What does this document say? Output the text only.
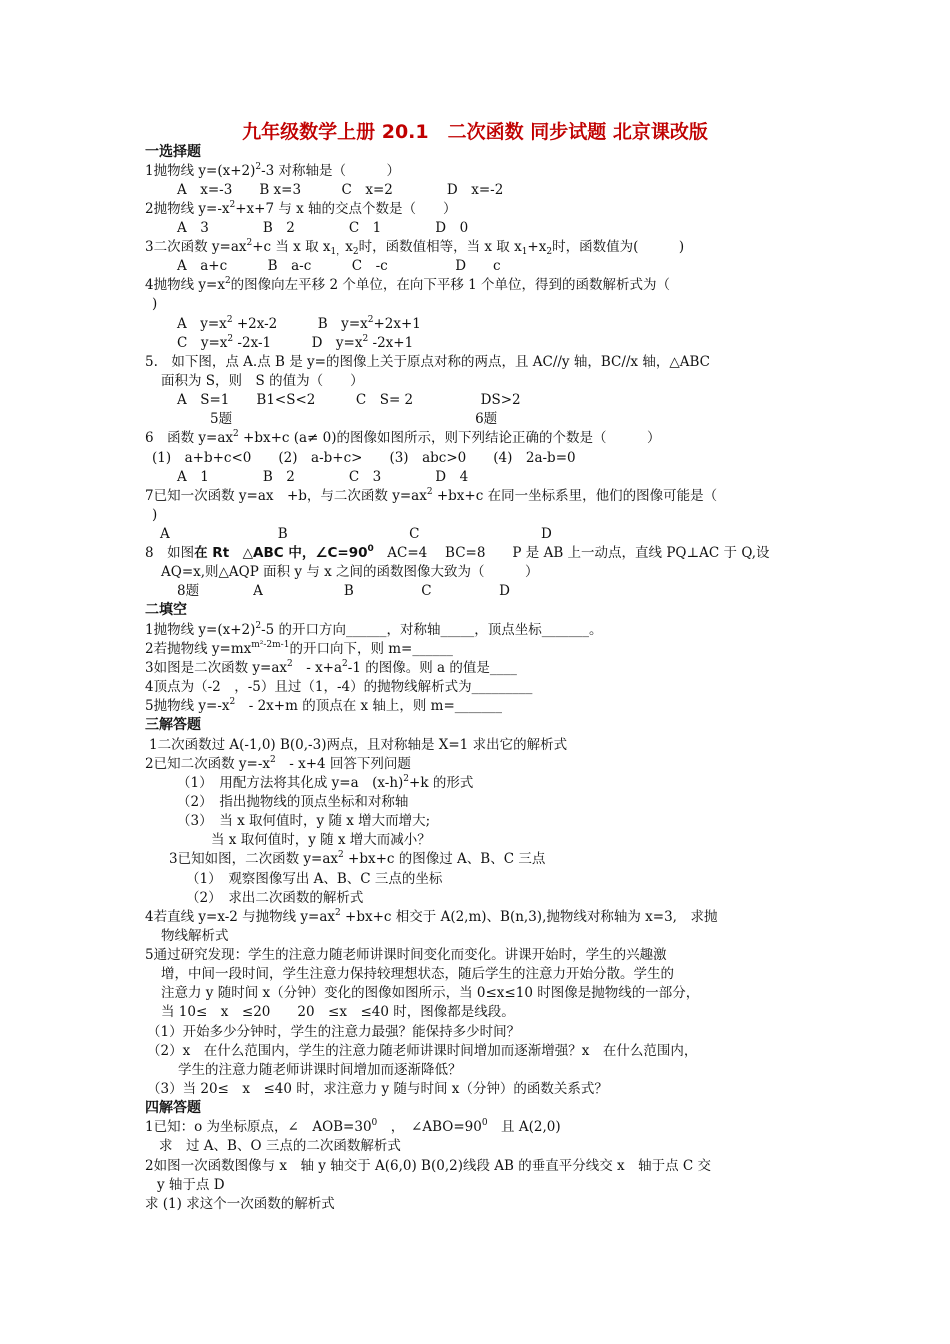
九年级数学上册 20.1　二次函数 同步试题 北京课改版
一选择题
1抛物线 $y=(x+2)^2-3$ 对称轴是（　　　）
A　x=-3　　B x=3　　　C　x=2　　　　D　x=-2
2抛物线 $y=-x^2+x+7$ 与 x 轴的交点个数是（　　）
A　3　　　　B　2　　　　C　1　　　　D　0
3二次函数 $y=ax^2+c$ 当 x 取 $x_{1,}x_2$时，函数值相等，当 x 取 $x_1+x_2$时，函数值为(　　　)
A　a+c　　　B　a-c　　　C　-c　　　　　D　　c
4抛物线 $y=x^2$的图像向左平移 2 个单位，在向下平移 1 个单位，得到的函数解析式为（
)
A　$y=x^2 +2x-2$　　　B　$y=x^2+2x+1$
C　$y=x^2$ -2x-1　　　D　$y=x^2$ -2x+1
5.　如下图，点 A.点 B 是 y=的图像上关于原点对称的两点，且 AC//y 轴，BC//x 轴，△ABC
面积为 S，则　S 的值为（　　）
A　S=1　　B1<S<2　　　C　S= 2　　　　　DS>2
5题　　　　　　　　　　　　　　　　　　6题
6　函数 $y=ax^2 +bx+c$ (a≠ 0)的图像如图所示，则下列结论正确的个数是（　　　）
(1)　a+b+c<0　　(2)　a-b+c>　　(3)　abc>0　　(4)　2a-b=0
A　1　　　　B　2　　　　C　3　　　　D　4
7已知一次函数 y=ax　+b，与二次函数 $y=ax^2 +bx+c$ 在同一坐标系里，他们的图像可能是（
)
A　　　　　　　　B　　　　　　　　　C　　　　　　　　　D
8　如图在 Rt　△ABC 中，$\angle C=90^0$　AC=4　 BC=8　　P 是 AB 上一动点，直线 PQ⊥AC 于 Q,设
AQ=x,则△AQP 面积 y 与 x 之间的函数图像大致为（　　　）
8题　　　　A　　　　　　B　　　　　C　　　　　D
二填空
1抛物线 $y=(x+2)^2-5$ 的开口方向______，对称轴_____，顶点坐标_______。
2若抛物线 $y=mx^{m^2-2m-1}$的开口向下，则 m=______
3如图是二次函数 $y=ax^2$　- $x+a^2-1$ 的图像。则 a 的值是____
4顶点为（-2　，-5）且过（1，-4）的抛物线解析式为_________
5抛物线 $y=-x^2$　- 2x+m 的顶点在 x 轴上，则 m=_______
三解答题
1二次函数过 A(-1,0) B(0,-3)两点，且对称轴是 X=1 求出它的解析式
2已知二次函数 $y=-x^2$　- x+4 回答下列问题
（1）　用配方法将其化成 y=a　$(x-h)^2+k$ 的形式
（2）　指出抛物线的顶点坐标和对称轴
（3）　当 x 取何值时，y 随 x 增大而增大;
当 x 取何值时，y 随 x 增大而减小？
3已知如图，二次函数 $y=ax^2 +bx+c$ 的图像过 A、B、C 三点
（1）　观察图像写出 A、B、C 三点的坐标
（2）　求出二次函数的解析式
4若直线 y=x-2 与抛物线 $y=ax^2 +bx+c$ 相交于 A(2,m)、B(n,3),抛物线对称轴为 x=3,　求抛
物线解析式
5通过研究发现：学生的注意力随老师讲课时间变化而变化。讲课开始时，学生的兴趣激
增，中间一段时间，学生注意力保持较理想状态，随后学生的注意力开始分散。学生的
注意力 y 随时间 x（分钟）变化的图像如图所示，当 0≤x≤10 时图像是抛物线的一部分，
当 10≤　x　≤20　　20　≤x　≤40 时，图像都是线段。
（1）开始多少分钟时，学生的注意力最强？能保持多少时间？
（2）x　在什么范围内，学生的注意力随老师讲课时间增加而逐渐增强？x　在什么范围内，
学生的注意力随老师讲课时间增加而逐渐降低？
（3）当 20≤　x　≤40 时，求注意力 y 随与时间 x（分钟）的函数关系式？
四解答题
1已知：o 为坐标原点，∠　$AOB=30^0$　，　$\angle ABO=90^0$　且 A(2,0)
求　过 A、B、O 三点的二次函数解析式
2如图一次函数图像与 x　轴 y 轴交于 A(6,0) B(0,2)线段 AB 的垂直平分线交 x　轴于点 C 交
y 轴于点 D
求 (1) 求这个一次函数的解析式
